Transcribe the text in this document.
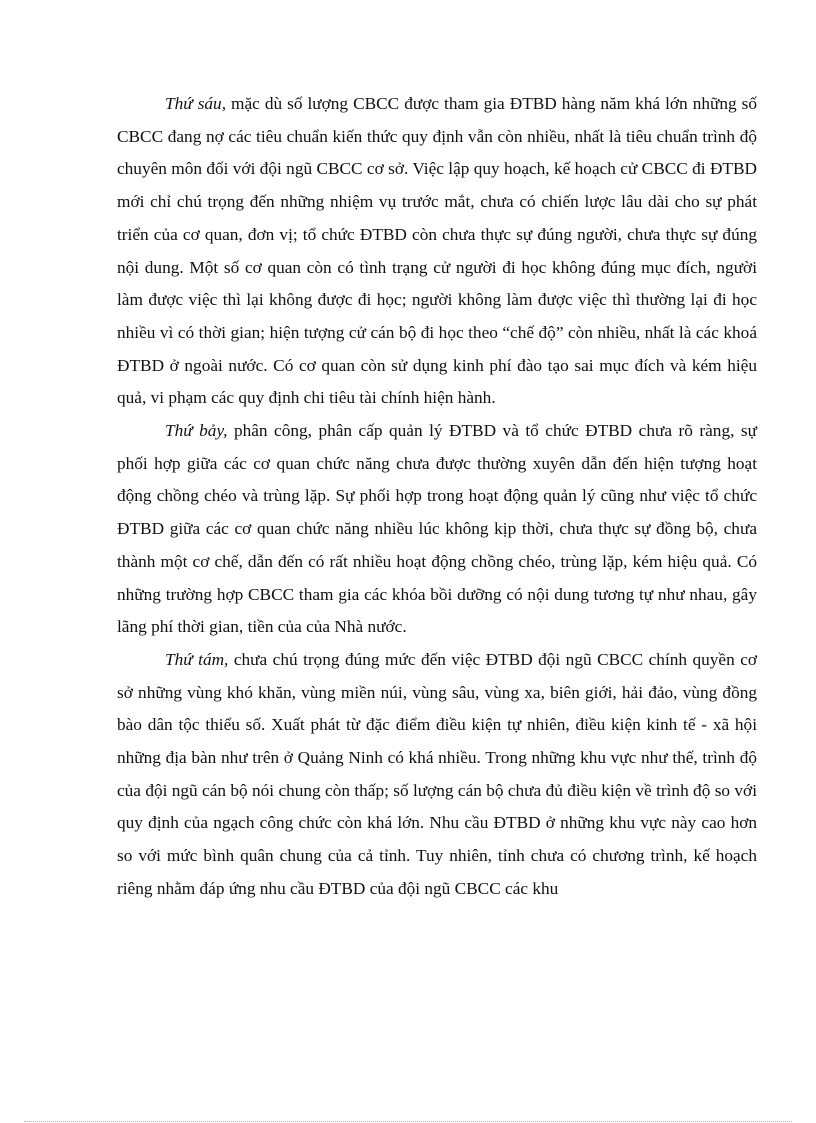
Thứ sáu, mặc dù số lượng CBCC được tham gia ĐTBD hàng năm khá lớn những số CBCC đang nợ các tiêu chuẩn kiến thức quy định vẫn còn nhiều, nhất là tiêu chuẩn trình độ chuyên môn đối với đội ngũ CBCC cơ sở. Việc lập quy hoạch, kế hoạch cử CBCC đi ĐTBD mới chỉ chú trọng đến những nhiệm vụ trước mắt, chưa có chiến lược lâu dài cho sự phát triển của cơ quan, đơn vị; tổ chức ĐTBD còn chưa thực sự đúng người, chưa thực sự đúng nội dung. Một số cơ quan còn có tình trạng cử người đi học không đúng mục đích, người làm được việc thì lại không được đi học; người không làm được việc thì thường lại đi học nhiều vì có thời gian; hiện tượng cử cán bộ đi học theo “chế độ” còn nhiều, nhất là các khoá ĐTBD ở ngoài nước. Có cơ quan còn sử dụng kinh phí đào tạo sai mục đích và kém hiệu quả, vi phạm các quy định chi tiêu tài chính hiện hành.

Thứ bảy, phân công, phân cấp quản lý ĐTBD và tổ chức ĐTBD chưa rõ ràng, sự phối hợp giữa các cơ quan chức năng chưa được thường xuyên dẫn đến hiện tượng hoạt động chồng chéo và trùng lặp. Sự phối hợp trong hoạt động quản lý cũng như việc tổ chức ĐTBD giữa các cơ quan chức năng nhiều lúc không kịp thời, chưa thực sự đồng bộ, chưa thành một cơ chế, dẫn đến có rất nhiều hoạt động chồng chéo, trùng lặp, kém hiệu quả. Có những trường hợp CBCC tham gia các khóa bồi dưỡng có nội dung tương tự như nhau, gây lãng phí thời gian, tiền của của Nhà nước.

Thứ tám, chưa chú trọng đúng mức đến việc ĐTBD đội ngũ CBCC chính quyền cơ sở những vùng khó khăn, vùng miền núi, vùng sâu, vùng xa, biên giới, hải đảo, vùng đồng bào dân tộc thiểu số. Xuất phát từ đặc điểm điều kiện tự nhiên, điều kiện kinh tế - xã hội những địa bàn như trên ở Quảng Ninh có khá nhiều. Trong những khu vực như thế, trình độ của đội ngũ cán bộ nói chung còn thấp; số lượng cán bộ chưa đủ điều kiện về trình độ so với quy định của ngạch công chức còn khá lớn. Nhu cầu ĐTBD ở những khu vực này cao hơn so với mức bình quân chung của cả tỉnh. Tuy nhiên, tỉnh chưa có chương trình, kế hoạch riêng nhằm đáp ứng nhu cầu ĐTBD của đội ngũ CBCC các khu
